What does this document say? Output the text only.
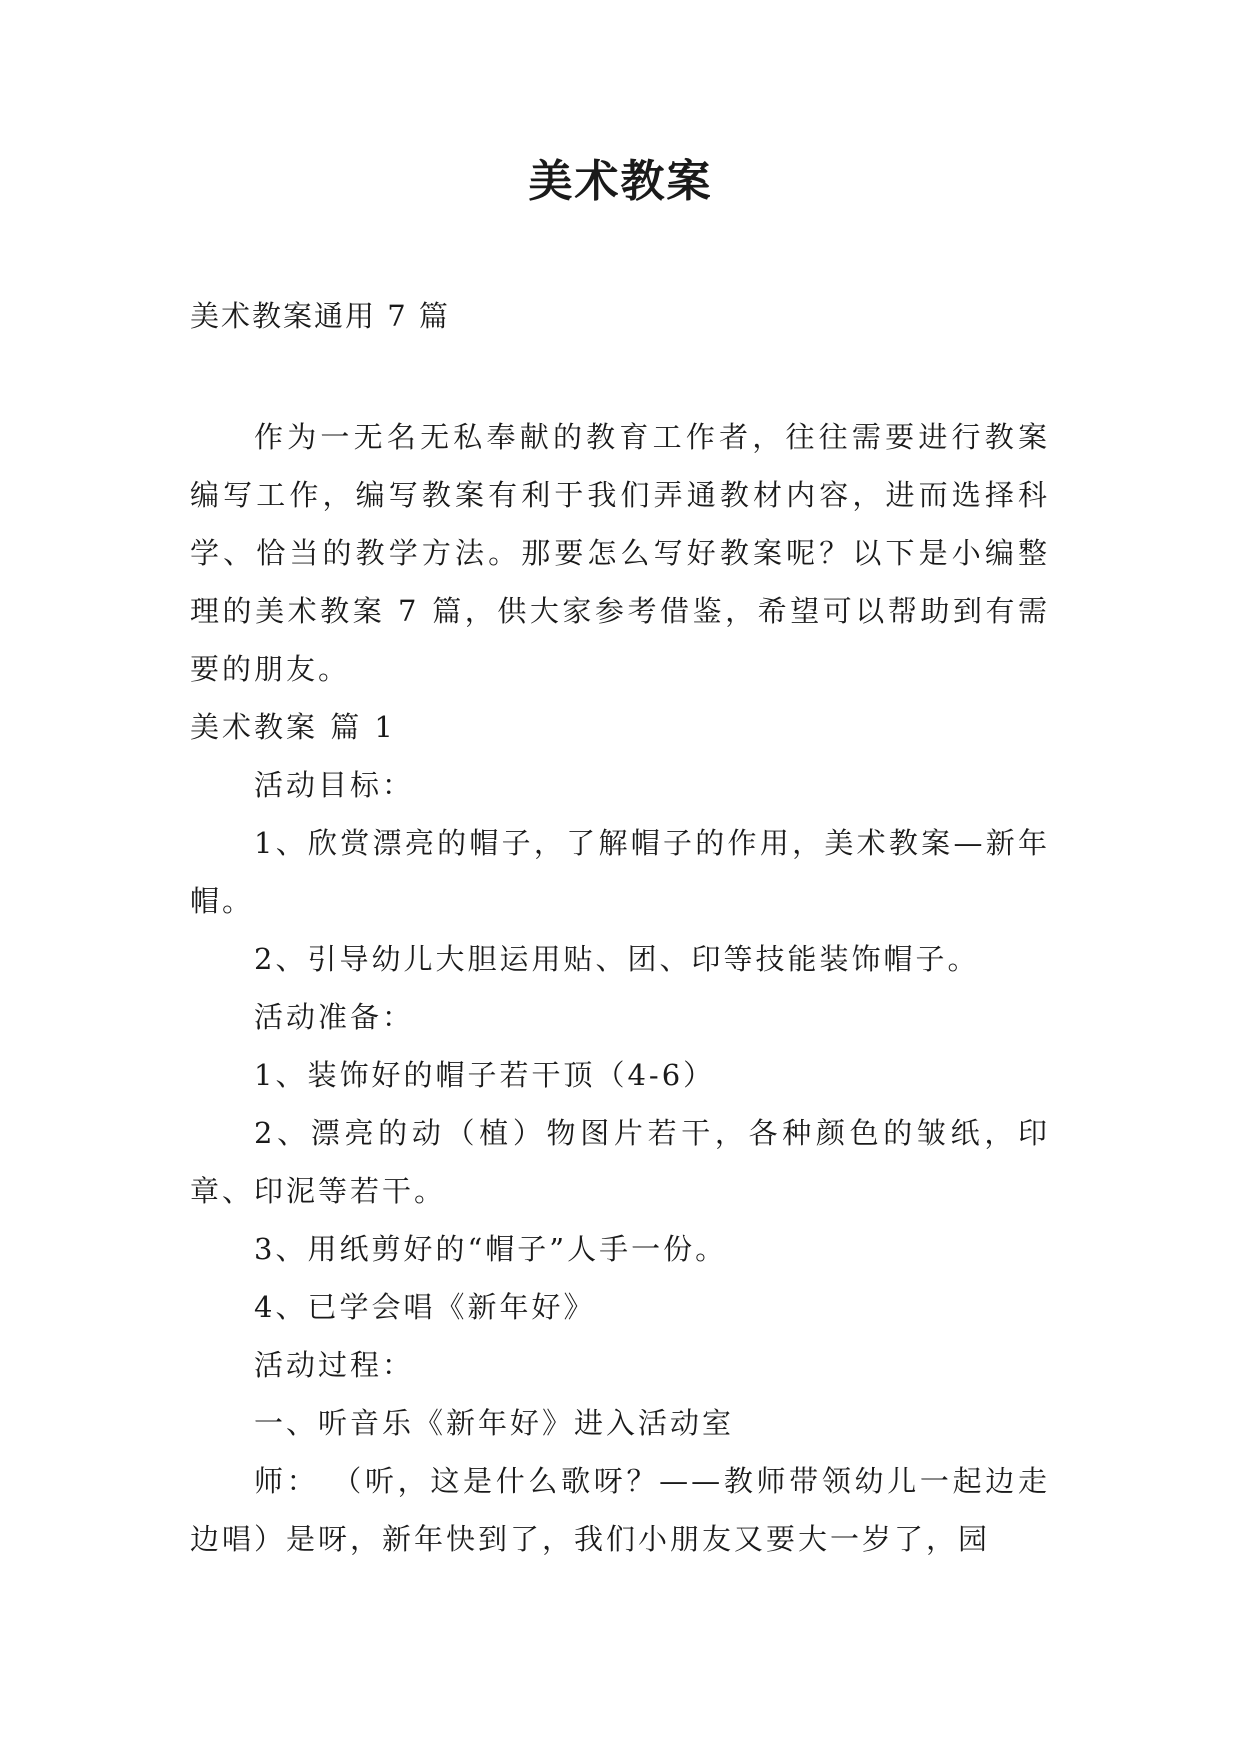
美术教案

美术教案通用 7 篇

作为一无名无私奉献的教育工作者，往往需要进行教案编写工作，编写教案有利于我们弄通教材内容，进而选择科学、恰当的教学方法。那要怎么写好教案呢？以下是小编整理的美术教案 7 篇，供大家参考借鉴，希望可以帮助到有需要的朋友。

美术教案 篇 1

活动目标：

1、欣赏漂亮的帽子，了解帽子的作用，美术教案—新年帽。

2、引导幼儿大胆运用贴、团、印等技能装饰帽子。

活动准备：

1、装饰好的帽子若干顶（4-6）

2、漂亮的动（植）物图片若干，各种颜色的皱纸，印章、印泥等若干。

3、用纸剪好的“帽子”人手一份。

4、已学会唱《新年好》

活动过程：

一、听音乐《新年好》进入活动室

师： （听，这是什么歌呀？——教师带领幼儿一起边走边唱）是呀，新年快到了，我们小朋友又要大一岁了，园
